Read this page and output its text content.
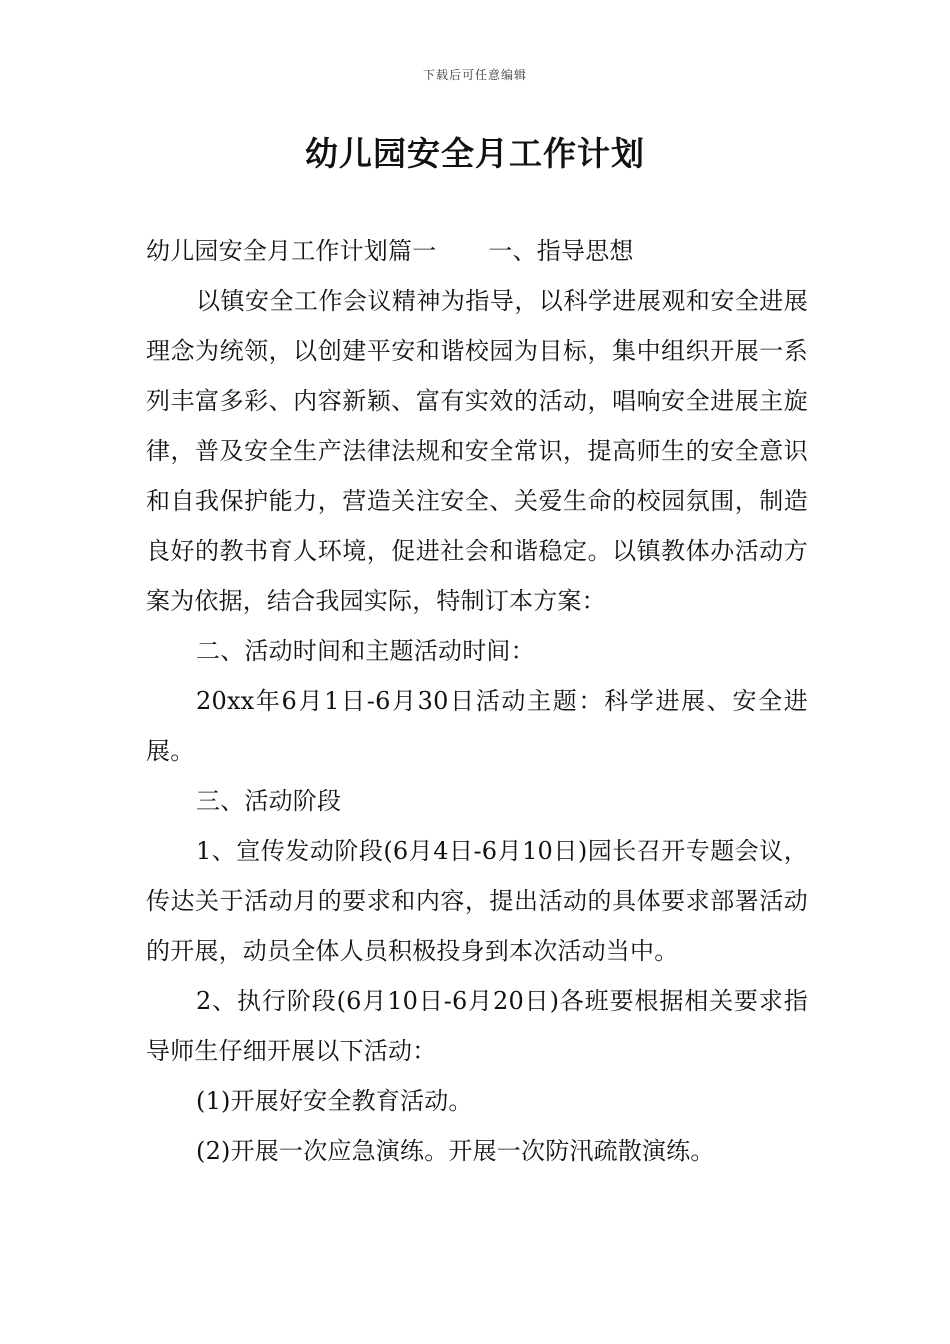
下载后可任意编辑
幼儿园安全月工作计划

幼儿园安全月工作计划篇一 一、指导思想

以镇安全工作会议精神为指导，以科学进展观和安全进展理念为统领，以创建平安和谐校园为目标，集中组织开展一系列丰富多彩、内容新颖、富有实效的活动，唱响安全进展主旋律，普及安全生产法律法规和安全常识，提高师生的安全意识和自我保护能力，营造关注安全、关爱生命的校园氛围，制造良好的教书育人环境，促进社会和谐稳定。以镇教体办活动方案为依据，结合我园实际，特制订本方案：

二、活动时间和主题活动时间：

20xx年6月1日-6月30日活动主题：科学进展、安全进展。

三、活动阶段

1、宣传发动阶段(6月4日-6月10日)园长召开专题会议，传达关于活动月的要求和内容，提出活动的具体要求部署活动的开展，动员全体人员积极投身到本次活动当中。

2、执行阶段(6月10日-6月20日)各班要根据相关要求指导师生仔细开展以下活动：

(1)开展好安全教育活动。

(2)开展一次应急演练。开展一次防汛疏散演练。
